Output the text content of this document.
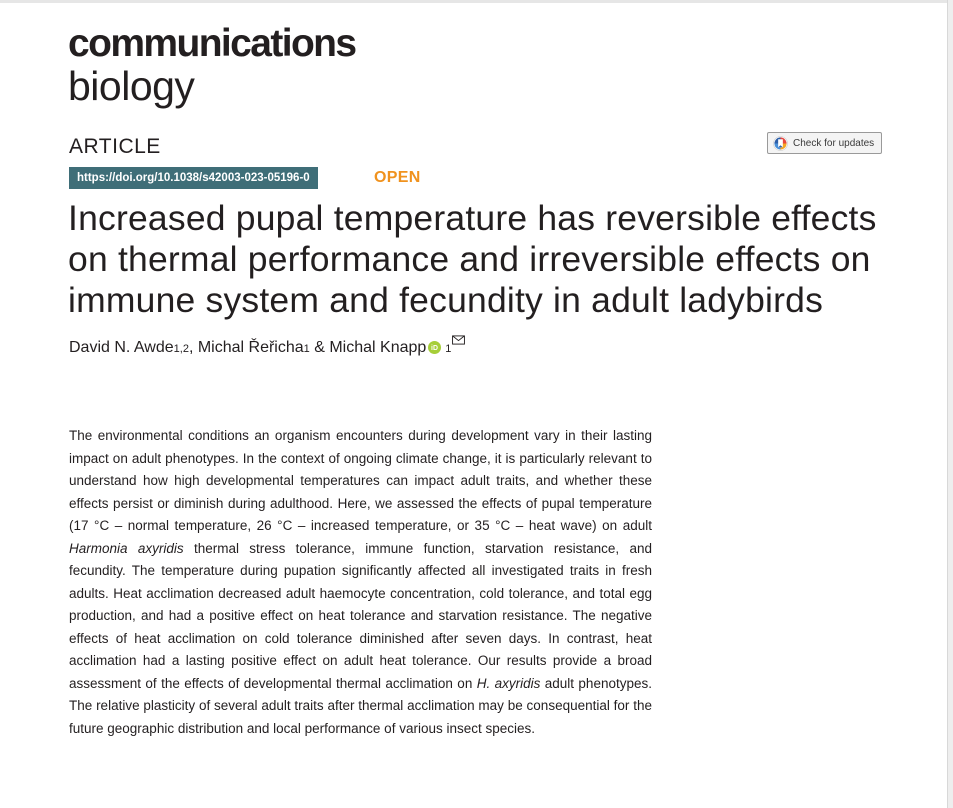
communications
biology
ARTICLE	Check for updates
https://doi.org/10.1038/s42003-023-05196-0	OPEN
Increased pupal temperature has reversible effects on thermal performance and irreversible effects on immune system and fecundity in adult ladybirds
David N. Awde 1,2 , Michal Řeřicha 1 & Michal Knapp iD 1

The environmental conditions an organism encounters during development vary in their lasting impact on adult phenotypes. In the context of ongoing climate change, it is particularly relevant to understand how high developmental temperatures can impact adult traits, and whether these effects persist or diminish during adulthood. Here, we assessed the effects of pupal temperature (17 °C – normal temperature, 26 °C – increased temperature, or 35 °C – heat wave) on adult Harmonia axyridis thermal stress tolerance, immune function, starvation resistance, and fecundity. The temperature during pupation significantly affected all investigated traits in fresh adults. Heat acclimation decreased adult haemocyte concentration, cold tolerance, and total egg production, and had a positive effect on heat tolerance and starvation resistance. The negative effects of heat acclimation on cold tolerance diminished after seven days. In contrast, heat acclimation had a lasting positive effect on adult heat tolerance. Our results provide a broad assessment of the effects of developmental thermal acclimation on H. axyridis adult phenotypes. The relative plasticity of several adult traits after thermal acclimation may be consequential for the future geographic distribution and local performance of various insect species.
